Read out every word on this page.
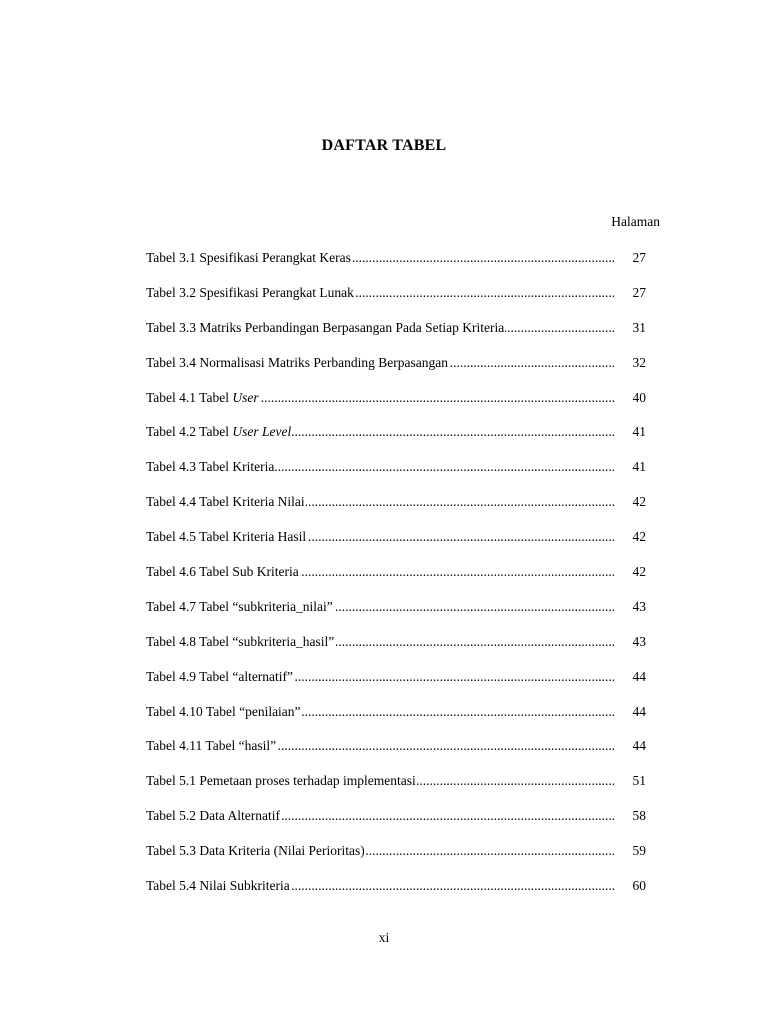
DAFTAR TABEL
Halaman
Tabel 3.1 Spesifikasi Perangkat Keras .....	27
Tabel 3.2 Spesifikasi Perangkat Lunak .....	27
Tabel 3.3 Matriks Perbandingan Berpasangan Pada Setiap Kriteria .....	31
Tabel 3.4 Normalisasi Matriks Perbanding Berpasangan .....	32
Tabel 4.1 Tabel User .....	40
Tabel 4.2 Tabel User Level .....	41
Tabel 4.3 Tabel Kriteria .....	41
Tabel 4.4 Tabel Kriteria Nilai .....	42
Tabel 4.5 Tabel Kriteria Hasil .....	42
Tabel 4.6 Tabel Sub Kriteria .....	42
Tabel 4.7 Tabel “subkriteria_nilai” .....	43
Tabel 4.8 Tabel “subkriteria_hasil” .....	43
Tabel 4.9 Tabel “alternatif” .....	44
Tabel 4.10 Tabel “penilaian” .....	44
Tabel 4.11 Tabel “hasil” .....	44
Tabel 5.1 Pemetaan proses terhadap implementasi .....	51
Tabel 5.2 Data Alternatif .....	58
Tabel 5.3 Data Kriteria (Nilai Perioritas) .....	59
Tabel 5.4 Nilai Subkriteria .....	60
xi
